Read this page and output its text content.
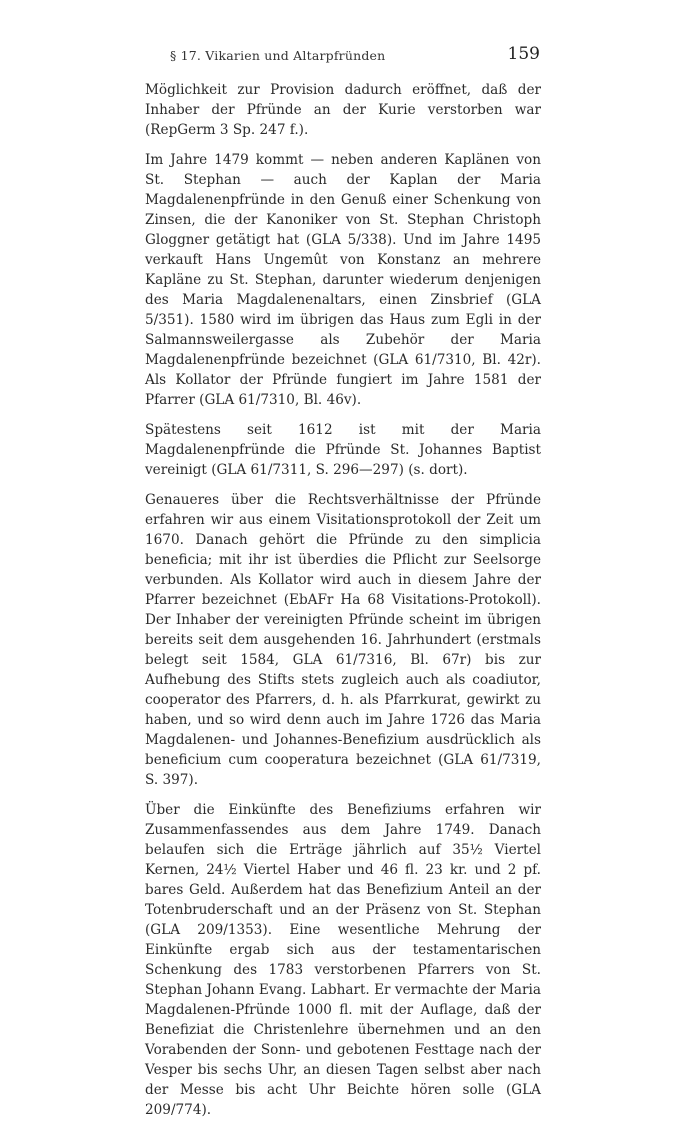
§ 17. Vikarien und Altarpfründen	159

Möglichkeit zur Provision dadurch eröffnet, daß der Inhaber der Pfründe an der Kurie verstorben war (RepGerm 3 Sp. 247 f.).

Im Jahre 1479 kommt — neben anderen Kaplänen von St. Stephan — auch der Kaplan der Maria Magdalenenpfründe in den Genuß einer Schenkung von Zinsen, die der Kanoniker von St. Stephan Christoph Gloggner getätigt hat (GLA 5/338). Und im Jahre 1495 verkauft Hans Ungemût von Konstanz an mehrere Kapläne zu St. Stephan, darunter wiederum denjenigen des Maria Magdalenenaltars, einen Zinsbrief (GLA 5/351). 1580 wird im übrigen das Haus zum Egli in der Salmannsweilergasse als Zubehör der Maria Magdalenenpfründe bezeichnet (GLA 61/7310, Bl. 42r). Als Kollator der Pfründe fungiert im Jahre 1581 der Pfarrer (GLA 61/7310, Bl. 46v).

Spätestens seit 1612 ist mit der Maria Magdalenenpfründe die Pfründe St. Johannes Baptist vereinigt (GLA 61/7311, S. 296—297) (s. dort).

Genaueres über die Rechtsverhältnisse der Pfründe erfahren wir aus einem Visitationsprotokoll der Zeit um 1670. Danach gehört die Pfründe zu den simplicia beneficia; mit ihr ist überdies die Pflicht zur Seelsorge verbunden. Als Kollator wird auch in diesem Jahre der Pfarrer bezeichnet (EbAFr Ha 68 Visitations-Protokoll). Der Inhaber der vereinigten Pfründe scheint im übrigen bereits seit dem ausgehenden 16. Jahrhundert (erstmals belegt seit 1584, GLA 61/7316, Bl. 67r) bis zur Aufhebung des Stifts stets zugleich auch als coadiutor, cooperator des Pfarrers, d. h. als Pfarrkurat, gewirkt zu haben, und so wird denn auch im Jahre 1726 das Maria Magdalenen- und Johannes-Benefizium ausdrücklich als beneficium cum cooperatura bezeichnet (GLA 61/7319, S. 397).

Über die Einkünfte des Benefiziums erfahren wir Zusammenfassendes aus dem Jahre 1749. Danach belaufen sich die Erträge jährlich auf 35½ Viertel Kernen, 24½ Viertel Haber und 46 fl. 23 kr. und 2 pf. bares Geld. Außerdem hat das Benefizium Anteil an der Totenbruderschaft und an der Präsenz von St. Stephan (GLA 209/1353). Eine wesentliche Mehrung der Einkünfte ergab sich aus der testamentarischen Schenkung des 1783 verstorbenen Pfarrers von St. Stephan Johann Evang. Labhart. Er vermachte der Maria Magdalenen-Pfründe 1000 fl. mit der Auflage, daß der Benefiziat die Christenlehre übernehmen und an den Vorabenden der Sonn- und gebotenen Festtage nach der Vesper bis sechs Uhr, an diesen Tagen selbst aber nach der Messe bis acht Uhr Beichte hören solle (GLA 209/774).
